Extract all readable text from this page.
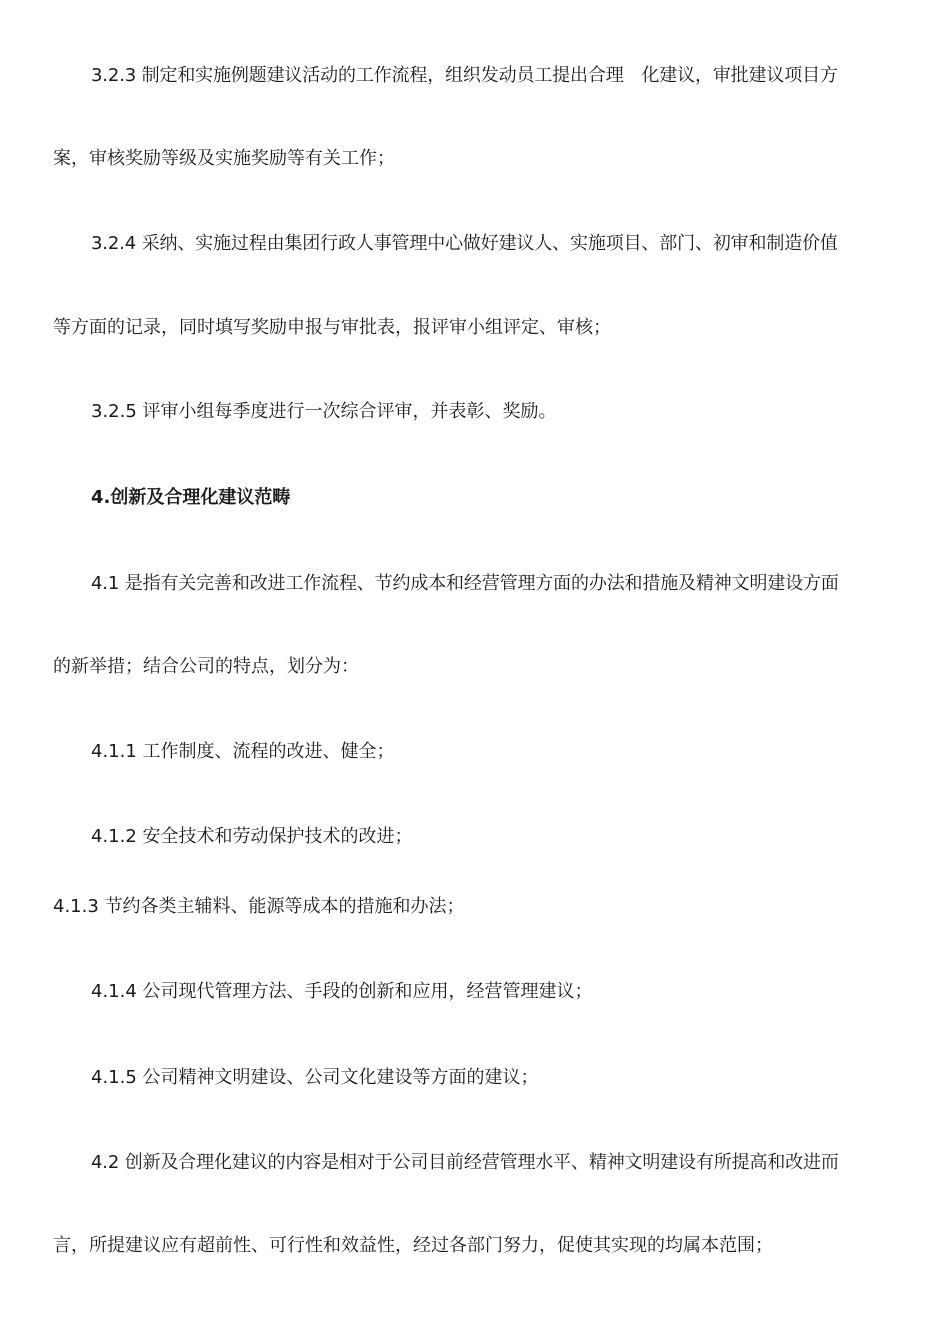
3.2.3 制定和实施例题建议活动的工作流程，组织发动员工提出合理　化建议，审批建议项目方
案，审核奖励等级及实施奖励等有关工作；
3.2.4 采纳、实施过程由集团行政人事管理中心做好建议人、实施项目、部门、初审和制造价值
等方面的记录，同时填写奖励申报与审批表，报评审小组评定、审核；
3.2.5 评审小组每季度进行一次综合评审，并表彰、奖励。
4.创新及合理化建议范畴
4.1 是指有关完善和改进工作流程、节约成本和经营管理方面的办法和措施及精神文明建设方面
的新举措；结合公司的特点，划分为：
4.1.1 工作制度、流程的改进、健全；
4.1.2 安全技术和劳动保护技术的改进；
4.1.3 节约各类主辅料、能源等成本的措施和办法；
4.1.4 公司现代管理方法、手段的创新和应用，经营管理建议；
4.1.5 公司精神文明建设、公司文化建设等方面的建议；
4.2 创新及合理化建议的内容是相对于公司目前经营管理水平、精神文明建设有所提高和改进而
言，所提建议应有超前性、可行性和效益性，经过各部门努力，促使其实现的均属本范围；
